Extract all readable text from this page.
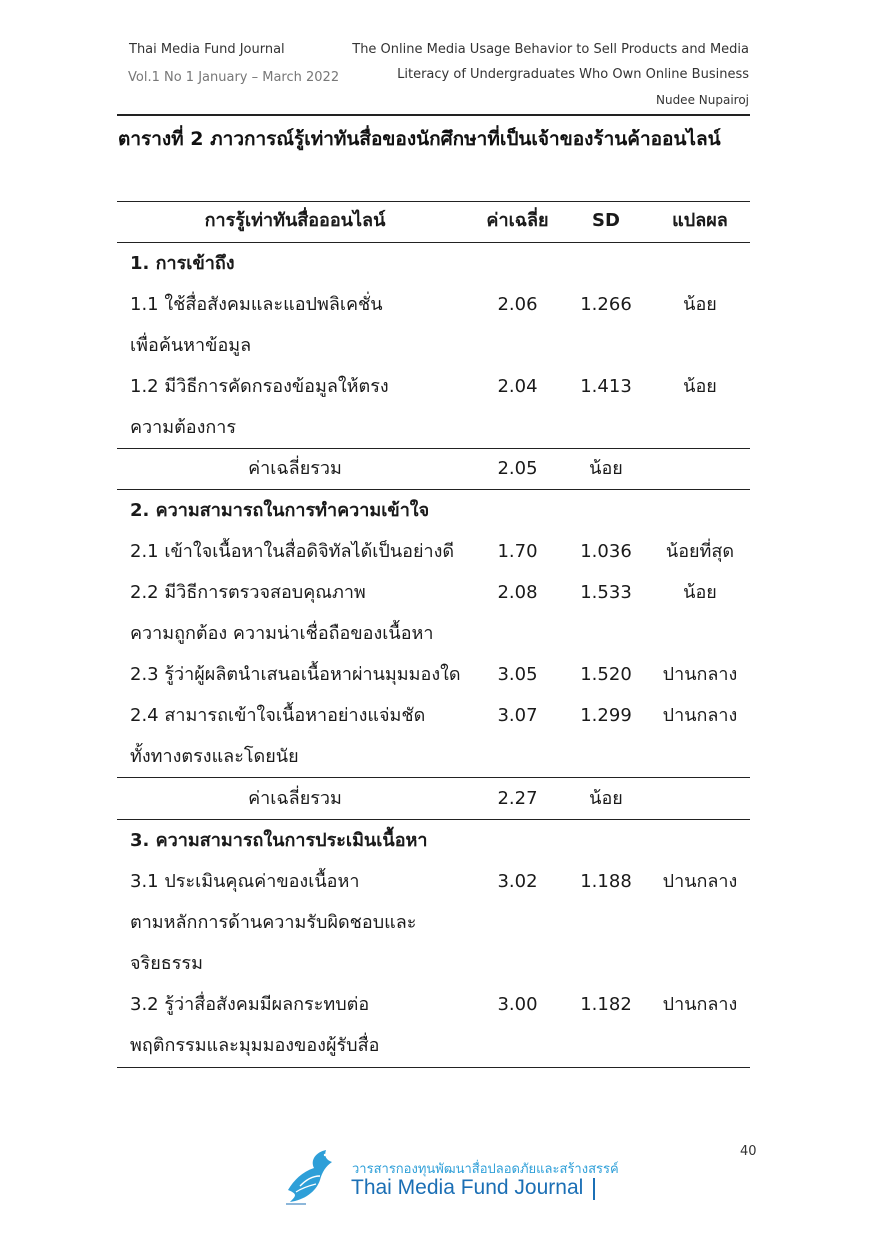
Thai Media Fund Journal
Vol.1 No 1 January – March 2022
The Online Media Usage Behavior to Sell Products and Media
Literacy of Undergraduates Who Own Online Business
Nudee Nupairoj
ตารางที่ 2 ภาวการณ์รู้เท่าทันสื่อของนักศึกษาที่เป็นเจ้าของร้านค้าออนไลน์
การรู้เท่าทันสื่อออนไลน์	ค่าเฉลี่ย	SD	แปลผล
1. การเข้าถึง
1.1 ใช้สื่อสังคมและแอปพลิเคชั่น	2.06	1.266	น้อย
เพื่อค้นหาข้อมูล
1.2 มีวิธีการคัดกรองข้อมูลให้ตรง	2.04	1.413	น้อย
ความต้องการ
ค่าเฉลี่ยรวม	2.05	น้อย
2. ความสามารถในการทำความเข้าใจ
2.1 เข้าใจเนื้อหาในสื่อดิจิทัลได้เป็นอย่างดี	1.70	1.036	น้อยที่สุด
2.2 มีวิธีการตรวจสอบคุณภาพ	2.08	1.533	น้อย
ความถูกต้อง ความน่าเชื่อถือของเนื้อหา
2.3 รู้ว่าผู้ผลิตนำเสนอเนื้อหาผ่านมุมมองใด	3.05	1.520	ปานกลาง
2.4 สามารถเข้าใจเนื้อหาอย่างแจ่มชัด	3.07	1.299	ปานกลาง
ทั้งทางตรงและโดยนัย
ค่าเฉลี่ยรวม	2.27	น้อย
3. ความสามารถในการประเมินเนื้อหา
3.1 ประเมินคุณค่าของเนื้อหา	3.02	1.188	ปานกลาง
ตามหลักการด้านความรับผิดชอบและ
จริยธรรม
3.2 รู้ว่าสื่อสังคมมีผลกระทบต่อ	3.00	1.182	ปานกลาง
พฤติกรรมและมุมมองของผู้รับสื่อ
40
วารสารกองทุนพัฒนาสื่อปลอดภัยและสร้างสรรค์
Thai Media Fund Journal
